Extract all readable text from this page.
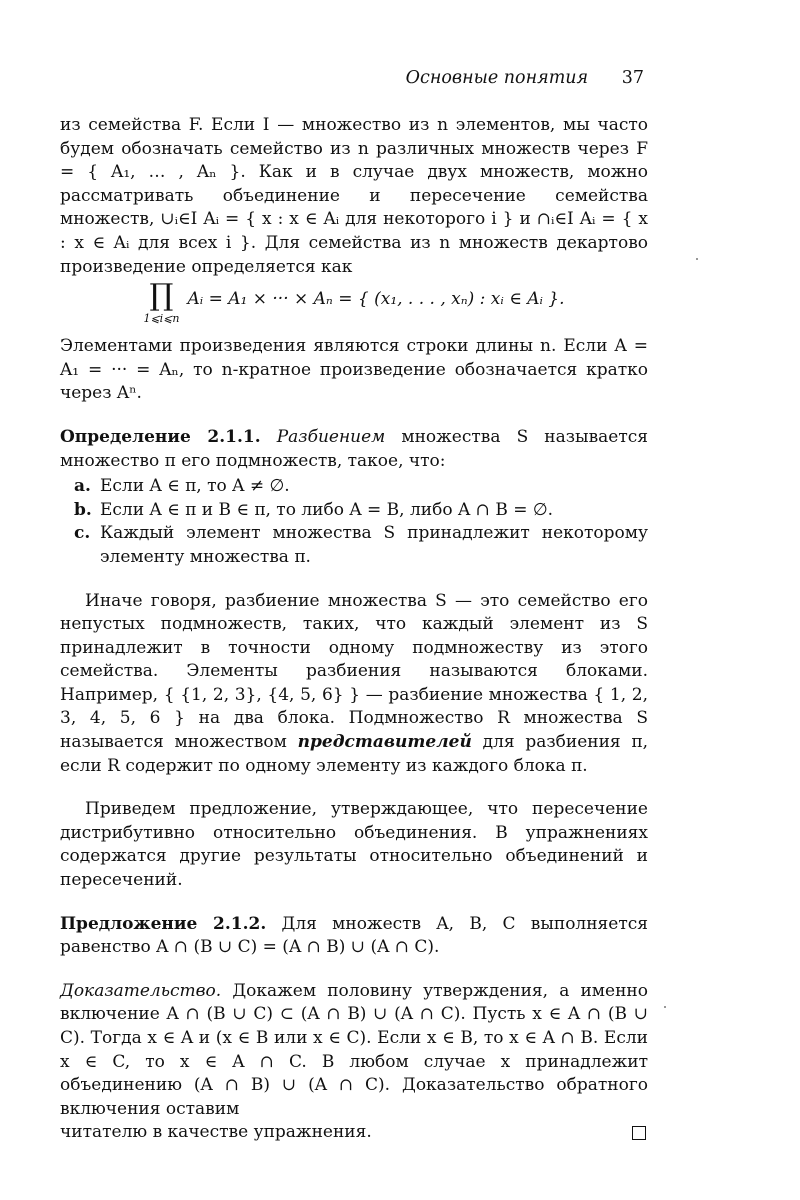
Основные понятия 37

из семейства F. Если I — множество из n элементов, мы часто будем обозначать семейство из n различных множеств через F = { A₁, … , Aₙ }. Как и в случае двух множеств, можно рассматривать объединение и пересечение семейства множеств, ∪ᵢ∈I Aᵢ = { x : x ∈ Aᵢ для некоторого i } и ∩ᵢ∈I Aᵢ = { x : x ∈ Aᵢ для всех i }. Для семейства из n множеств декартово произведение определяется как

∏
1⩽i⩽n
Aᵢ = A₁ × ··· × Aₙ = { (x₁, . . . , xₙ) : xᵢ ∈ Aᵢ }.

Элементами произведения являются строки длины n. Если A = A₁ = ··· = Aₙ, то n-кратное произведение обозначается кратко через Aⁿ.

Определение 2.1.1. Разбиением множества S называется множество π его подмножеств, такое, что:

a. Если A ∈ π, то A ≠ ∅.
b. Если A ∈ π и B ∈ π, то либо A = B, либо A ∩ B = ∅.
c. Каждый элемент множества S принадлежит некоторому элементу множества π.

Иначе говоря, разбиение множества S — это семейство его непустых подмножеств, таких, что каждый элемент из S принадлежит в точности одному подмножеству из этого семейства. Элементы разбиения называются блоками. Например, { {1, 2, 3}, {4, 5, 6} } — разбиение множества { 1, 2, 3, 4, 5, 6 } на два блока. Подмножество R множества S называется множеством представителей для разбиения π, если R содержит по одному элементу из каждого блока π.

Приведем предложение, утверждающее, что пересечение дистрибутивно относительно объединения. В упражнениях содержатся другие результаты относительно объединений и пересечений.

Предложение 2.1.2. Для множеств A, B, C выполняется равенство A ∩ (B ∪ C) = (A ∩ B) ∪ (A ∩ C).

Доказательство. Докажем половину утверждения, а именно включение A ∩ (B ∪ C) ⊂ (A ∩ B) ∪ (A ∩ C). Пусть x ∈ A ∩ (B ∪ C). Тогда x ∈ A и (x ∈ B или x ∈ C). Если x ∈ B, то x ∈ A ∩ B. Если x ∈ C, то x ∈ A ∩ C. В любом случае x принадлежит объединению (A ∩ B) ∪ (A ∩ C). Доказательство обратного включения оставим

читателю в качестве упражнения.
